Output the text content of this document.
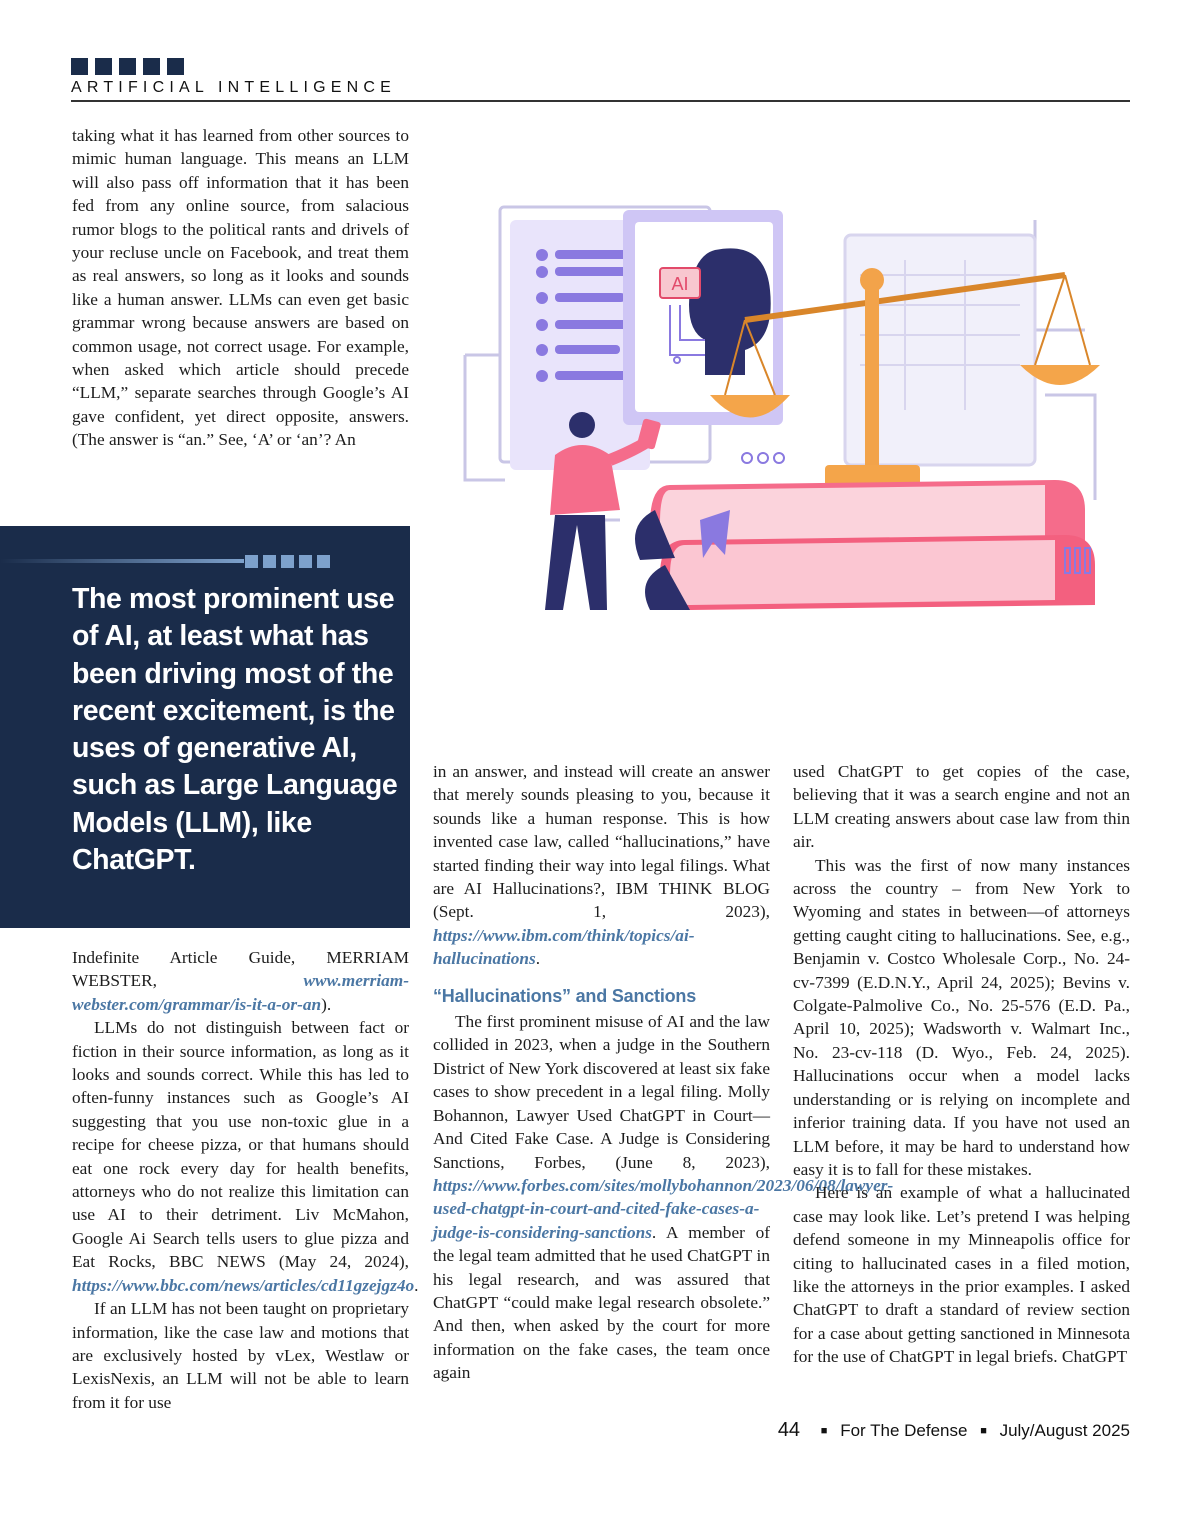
ARTIFICIAL INTELLIGENCE

taking what it has learned from other sources to mimic human language. This means an LLM will also pass off information that it has been fed from any online source, from salacious rumor blogs to the political rants and drivels of your recluse uncle on Facebook, and treat them as real answers, so long as it looks and sounds like a human answer. LLMs can even get basic grammar wrong because answers are based on common usage, not correct usage. For example, when asked which article should precede “LLM,” separate searches through Google’s AI gave confident, yet direct opposite, answers. (The answer is “an.” See, ‘A’ or ‘an’? An

The most prominent use of AI, at least what has been driving most of the recent excitement, is the uses of generative AI, such as Large Language Models (LLM), like ChatGPT.
AI

Indefinite Article Guide, MERRIAM WEBSTER, www.merriam-webster.com/grammar/is-it-a-or-an).

LLMs do not distinguish between fact or fiction in their source information, as long as it looks and sounds correct. While this has led to often-funny instances such as Google’s AI suggesting that you use non-toxic glue in a recipe for cheese pizza, or that humans should eat one rock every day for health benefits, attorneys who do not realize this limitation can use AI to their detriment. Liv McMahon, Google Ai Search tells users to glue pizza and Eat Rocks, BBC NEWS (May 24, 2024), https://www.bbc.com/news/articles/cd11gzejgz4o.

If an LLM has not been taught on proprietary information, like the case law and motions that are exclusively hosted by vLex, Westlaw or LexisNexis, an LLM will not be able to learn from it for use

in an answer, and instead will create an answer that merely sounds pleasing to you, because it sounds like a human response. This is how invented case law, called “hallucinations,” have started finding their way into legal filings. What are AI Hallucinations?, IBM THINK BLOG (Sept. 1, 2023), https://www.ibm.com/think/topics/ai-hallucinations.

“Hallucinations” and Sanctions

The first prominent misuse of AI and the law collided in 2023, when a judge in the Southern District of New York discovered at least six fake cases to show precedent in a legal filing. Molly Bohannon, Lawyer Used ChatGPT in Court—And Cited Fake Case. A Judge is Considering Sanctions, Forbes, (June 8, 2023), https://www.forbes.com/sites/mollybohannon/2023/06/08/lawyer-used-chatgpt-in-court-and-cited-fake-cases-a-judge-is-considering-sanctions. A member of the legal team admitted that he used ChatGPT in his legal research, and was assured that ChatGPT “could make legal research obsolete.” And then, when asked by the court for more information on the fake cases, the team once again

used ChatGPT to get copies of the case, believing that it was a search engine and not an LLM creating answers about case law from thin air.

This was the first of now many instances across the country – from New York to Wyoming and states in between—of attorneys getting caught citing to hallucinations. See, e.g., Benjamin v. Costco Wholesale Corp., No. 24-cv-7399 (E.D.N.Y., April 24, 2025); Bevins v. Colgate-Palmolive Co., No. 25-576 (E.D. Pa., April 10, 2025); Wadsworth v. Walmart Inc., No. 23-cv-118 (D. Wyo., Feb. 24, 2025). Hallucinations occur when a model lacks understanding or is relying on incomplete and inferior training data. If you have not used an LLM before, it may be hard to understand how easy it is to fall for these mistakes.

Here is an example of what a hallucinated case may look like. Let’s pretend I was helping defend someone in my Minneapolis office for citing to hallucinated cases in a filed motion, like the attorneys in the prior examples. I asked ChatGPT to draft a standard of review section for a case about getting sanctioned in Minnesota for the use of ChatGPT in legal briefs. ChatGPT

44 ■ For The Defense ■ July/August 2025
